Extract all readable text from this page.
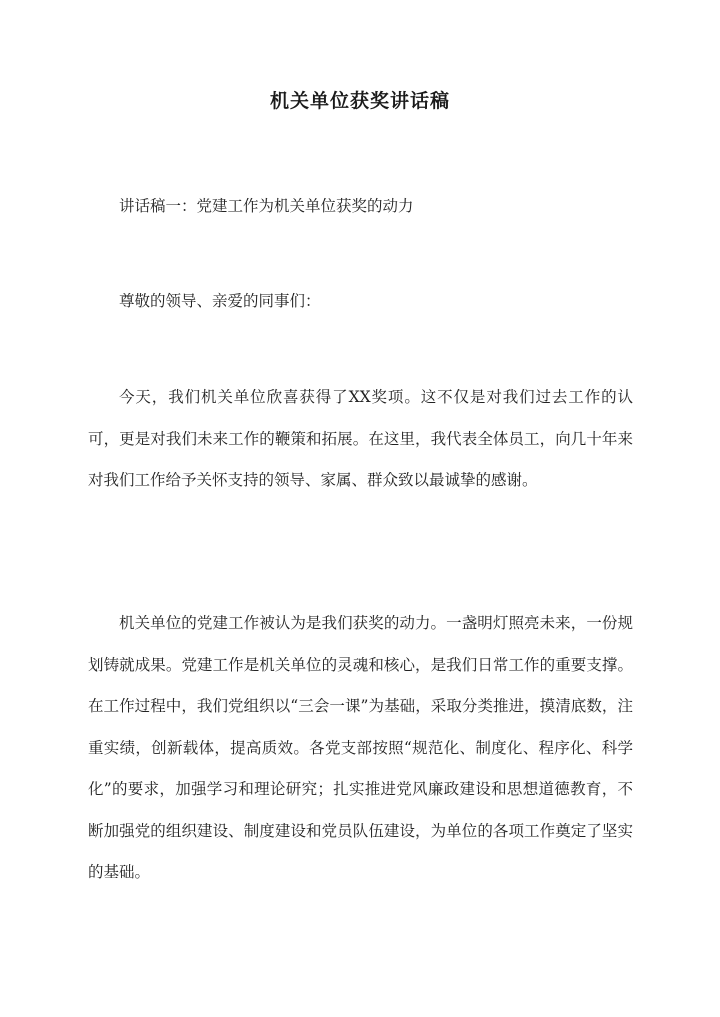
机关单位获奖讲话稿

讲话稿一：党建工作为机关单位获奖的动力

尊敬的领导、亲爱的同事们：

今天，我们机关单位欣喜获得了XX奖项。这不仅是对我们过去工作的认可，更是对我们未来工作的鞭策和拓展。在这里，我代表全体员工，向几十年来对我们工作给予关怀支持的领导、家属、群众致以最诚挚的感谢。

机关单位的党建工作被认为是我们获奖的动力。一盏明灯照亮未来，一份规划铸就成果。党建工作是机关单位的灵魂和核心，是我们日常工作的重要支撑。在工作过程中，我们党组织以“三会一课”为基础，采取分类推进，摸清底数，注重实绩，创新载体，提高质效。各党支部按照“规范化、制度化、程序化、科学化”的要求，加强学习和理论研究；扎实推进党风廉政建设和思想道德教育，不断加强党的组织建设、制度建设和党员队伍建设，为单位的各项工作奠定了坚实的基础。
